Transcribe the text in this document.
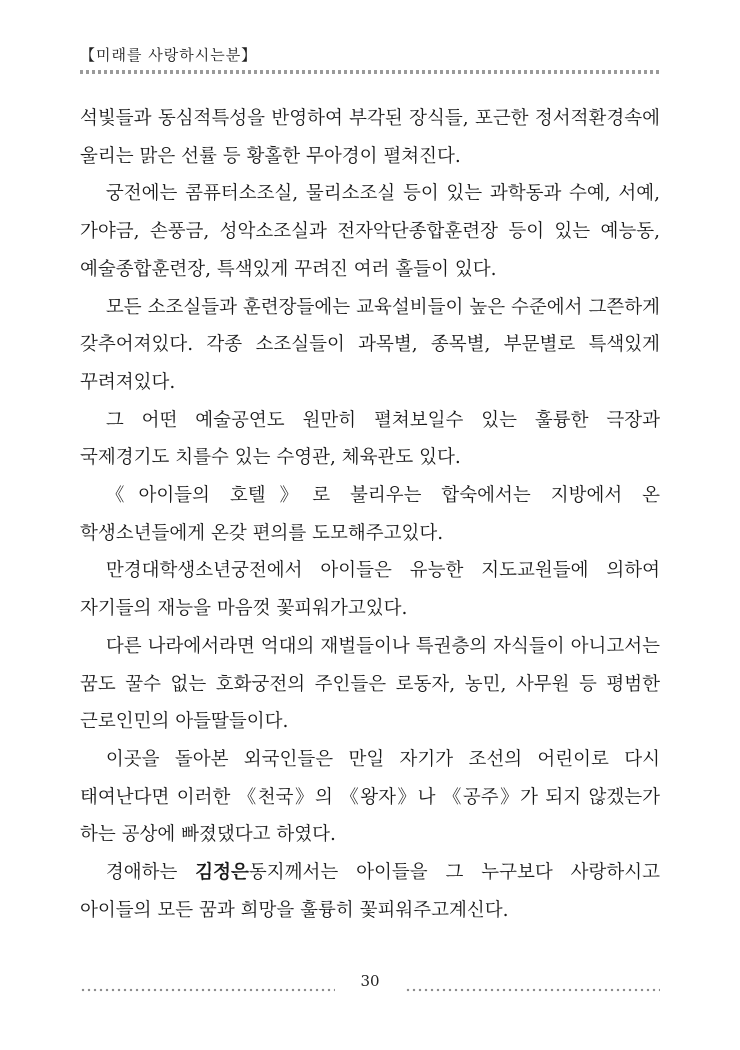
【미래를 사랑하시는분】

석빛들과 동심적특성을 반영하여 부각된 장식들, 포근한 정서적환경속에 울리는 맑은 선률 등 황홀한 무아경이 펼쳐진다.

궁전에는 콤퓨터소조실, 물리소조실 등이 있는 과학동과 수예, 서예, 가야금, 손풍금, 성악소조실과 전자악단종합훈련장 등이 있는 예능동, 예술종합훈련장, 특색있게 꾸려진 여러 홀들이 있다.

모든 소조실들과 훈련장들에는 교육설비들이 높은 수준에서 그쯘하게 갖추어져있다. 각종 소조실들이 과목별, 종목별, 부문별로 특색있게 꾸려져있다.

그 어떤 예술공연도 원만히 펼쳐보일수 있는 훌륭한 극장과 국제경기도 치를수 있는 수영관, 체육관도 있다.

《아이들의 호텔》로 불리우는 합숙에서는 지방에서 온 학생소년들에게 온갖 편의를 도모해주고있다.

만경대학생소년궁전에서 아이들은 유능한 지도교원들에 의하여 자기들의 재능을 마음껏 꽃피워가고있다.

다른 나라에서라면 억대의 재벌들이나 특권층의 자식들이 아니고서는 꿈도 꿀수 없는 호화궁전의 주인들은 로동자, 농민, 사무원 등 평범한 근로인민의 아들딸들이다.

이곳을 돌아본 외국인들은 만일 자기가 조선의 어린이로 다시 태여난다면 이러한 《천국》의 《왕자》나 《공주》가 되지 않겠는가 하는 공상에 빠졌댔다고 하였다.

경애하는 김정은동지께서는 아이들을 그 누구보다 사랑하시고 아이들의 모든 꿈과 희망을 훌륭히 꽃피워주고계신다.

30
